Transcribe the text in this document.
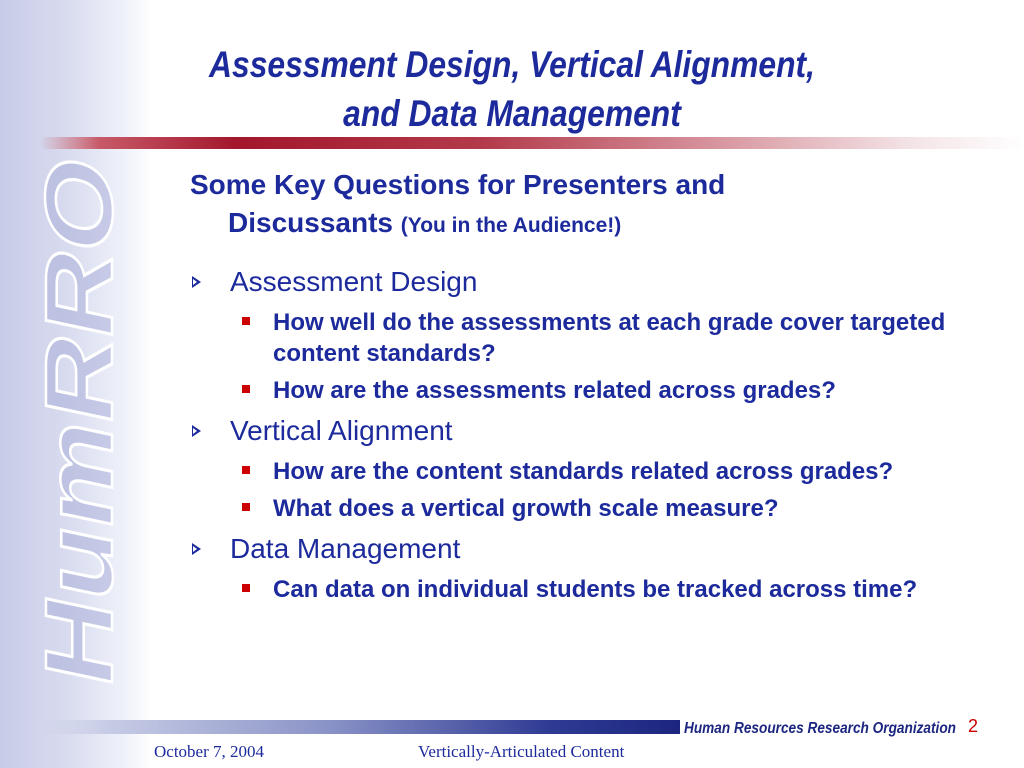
HumRRO
Assessment Design, Vertical Alignment,
and Data Management
Some Key Questions for Presenters and
Discussants (You in the Audience!)
Assessment Design
How well do the assessments at each grade cover targeted content standards?
How are the assessments related across grades?
Vertical Alignment
How are the content standards related across grades?
What does a vertical growth scale measure?
Data Management
Can data on individual students be tracked across time?
Human Resources Research Organization 2
October 7, 2004	Vertically-Articulated Content
